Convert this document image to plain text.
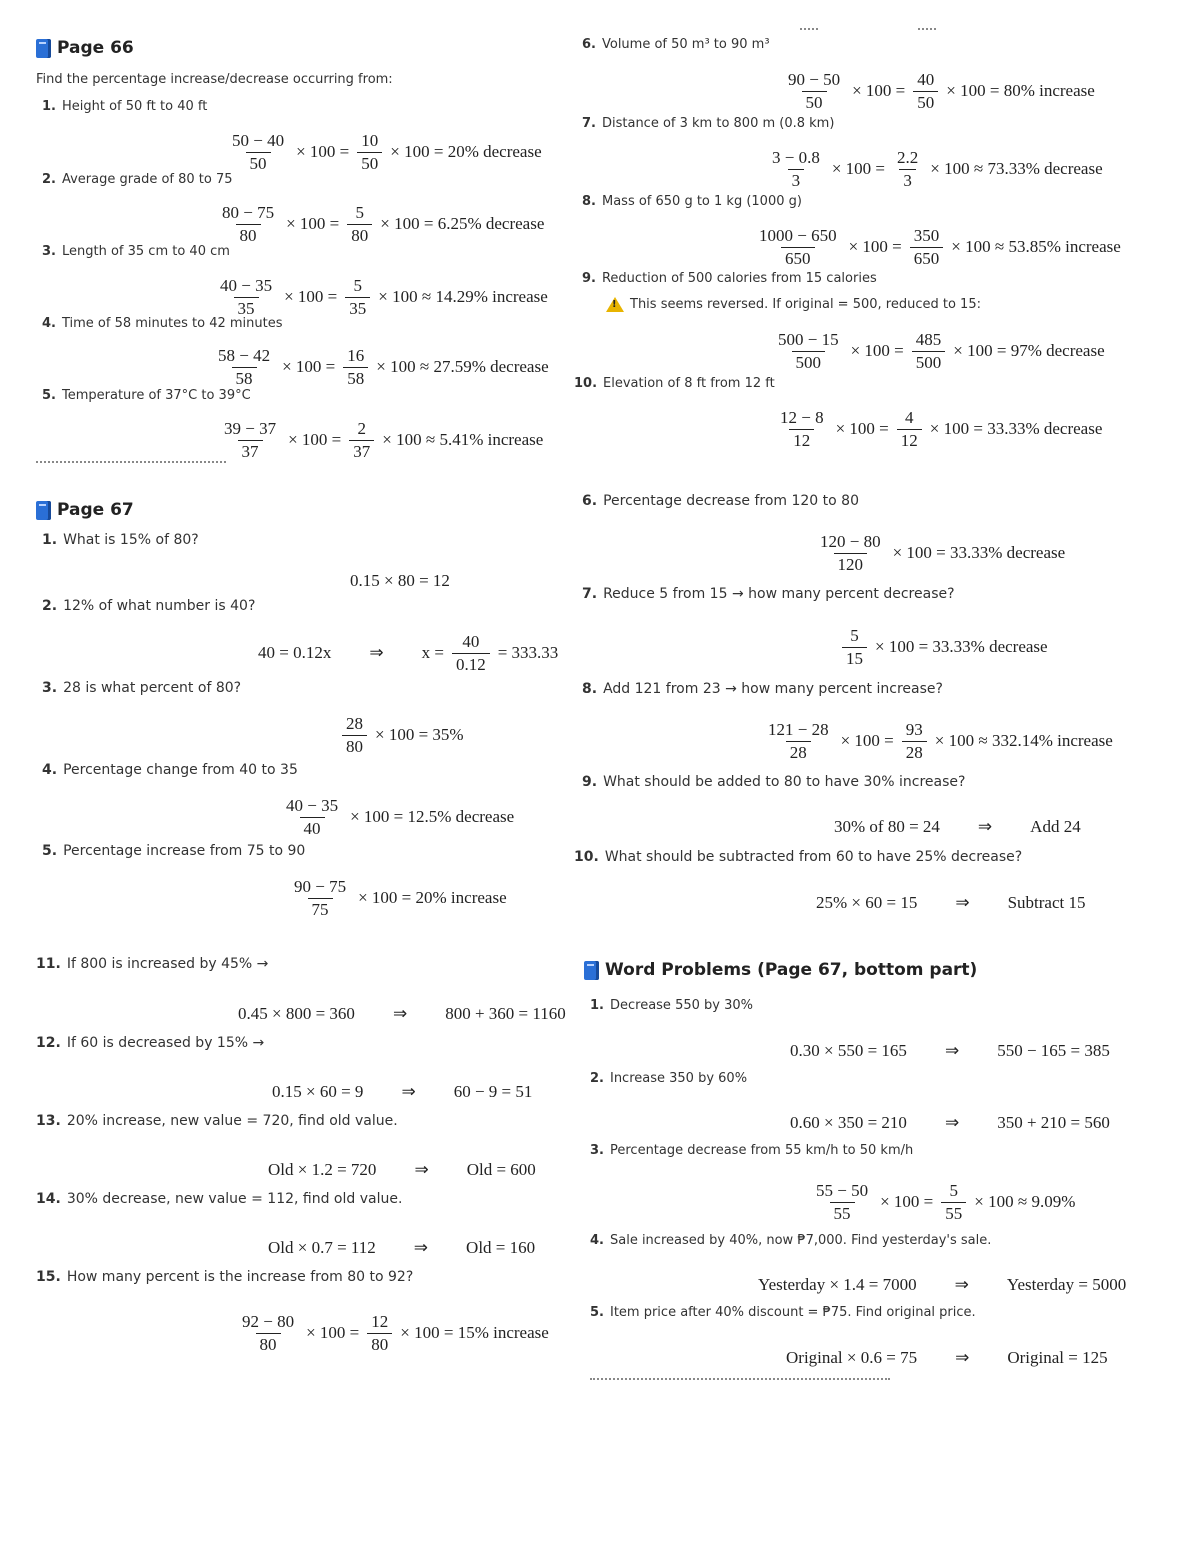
Page 66
Find the percentage increase/decrease occurring from:
1. Height of 50 ft to 40 ft
$\frac{50 - 40}{50} \times 100 = \frac{10}{50} \times 100 = 20\%$ decrease
2. Average grade of 80 to 75
$\frac{80 - 75}{80} \times 100 = \frac{5}{80} \times 100 = 6.25\%$ decrease
3. Length of 35 cm to 40 cm
$\frac{40 - 35}{35} \times 100 = \frac{5}{35} \times 100 \approx 14.29\%$ increase
4. Time of 58 minutes to 42 minutes
$\frac{58 - 42}{58} \times 100 = \frac{16}{58} \times 100 \approx 27.59\%$ decrease
5. Temperature of 37°C to 39°C
$\frac{39 - 37}{37} \times 100 = \frac{2}{37} \times 100 \approx 5.41\%$ increase
Page 67
1. What is 15% of 80?
0.15 × 80 = 12
2. 12% of what number is 40?
40 = 0.12x ⇒ $x = \frac{40}{0.12} = 333.33$
3. 28 is what percent of 80?
$\frac{28}{80} \times 100 = 35\%$
4. Percentage change from 40 to 35
$\frac{40 - 35}{40} \times 100 = 12.5\%$ decrease
5. Percentage increase from 75 to 90
$\frac{90 - 75}{75} \times 100 = 20\%$ increase
11. If 800 is increased by 45% →
0.45 × 800 = 360 ⇒ 800 + 360 = 1160
12. If 60 is decreased by 15% →
0.15 × 60 = 9 ⇒ 60 − 9 = 51
13. 20% increase, new value = 720, find old value.
Old × 1.2 = 720 ⇒ Old = 600
14. 30% decrease, new value = 112, find old value.
Old × 0.7 = 112 ⇒ Old = 160
15. How many percent is the increase from 80 to 92?
$\frac{92 - 80}{80} \times 100 = \frac{12}{80} \times 100 = 15\%$ increase
6. Volume of 50 m³ to 90 m³
$\frac{90 - 50}{50} \times 100 = \frac{40}{50} \times 100 = 80\%$ increase
7. Distance of 3 km to 800 m (0.8 km)
$\frac{3 - 0.8}{3} \times 100 = \frac{2.2}{3} \times 100 \approx 73.33\%$ decrease
8. Mass of 650 g to 1 kg (1000 g)
$\frac{1000 - 650}{650} \times 100 = \frac{350}{650} \times 100 \approx 53.85\%$ increase
9. Reduction of 500 calories from 15 calories
!
This seems reversed. If original = 500, reduced to 15:
$\frac{500 - 15}{500} \times 100 = \frac{485}{500} \times 100 = 97\%$ decrease
10. Elevation of 8 ft from 12 ft
$\frac{12 - 8}{12} \times 100 = \frac{4}{12} \times 100 = 33.33\%$ decrease
6. Percentage decrease from 120 to 80
$\frac{120 - 80}{120} \times 100 = 33.33\%$ decrease
7. Reduce 5 from 15 → how many percent decrease?
$\frac{5}{15} \times 100 = 33.33\%$ decrease
8. Add 121 from 23 → how many percent increase?
$\frac{121 - 28}{28} \times 100 = \frac{93}{28} \times 100 \approx 332.14\%$ increase
9. What should be added to 80 to have 30% increase?
30% of 80 = 24 ⇒ Add 24
10. What should be subtracted from 60 to have 25% decrease?
25% × 60 = 15 ⇒ Subtract 15
Word Problems (Page 67, bottom part)
1. Decrease 550 by 30%
0.30 × 550 = 165 ⇒ 550 − 165 = 385
2. Increase 350 by 60%
0.60 × 350 = 210 ⇒ 350 + 210 = 560
3. Percentage decrease from 55 km/h to 50 km/h
$\frac{55 - 50}{55} \times 100 = \frac{5}{55} \times 100 \approx 9.09\%$
4. Sale increased by 40%, now ₱7,000. Find yesterday's sale.
Yesterday × 1.4 = 7000 ⇒ Yesterday = 5000
5. Item price after 40% discount = ₱75. Find original price.
Original × 0.6 = 75 ⇒ Original = 125
